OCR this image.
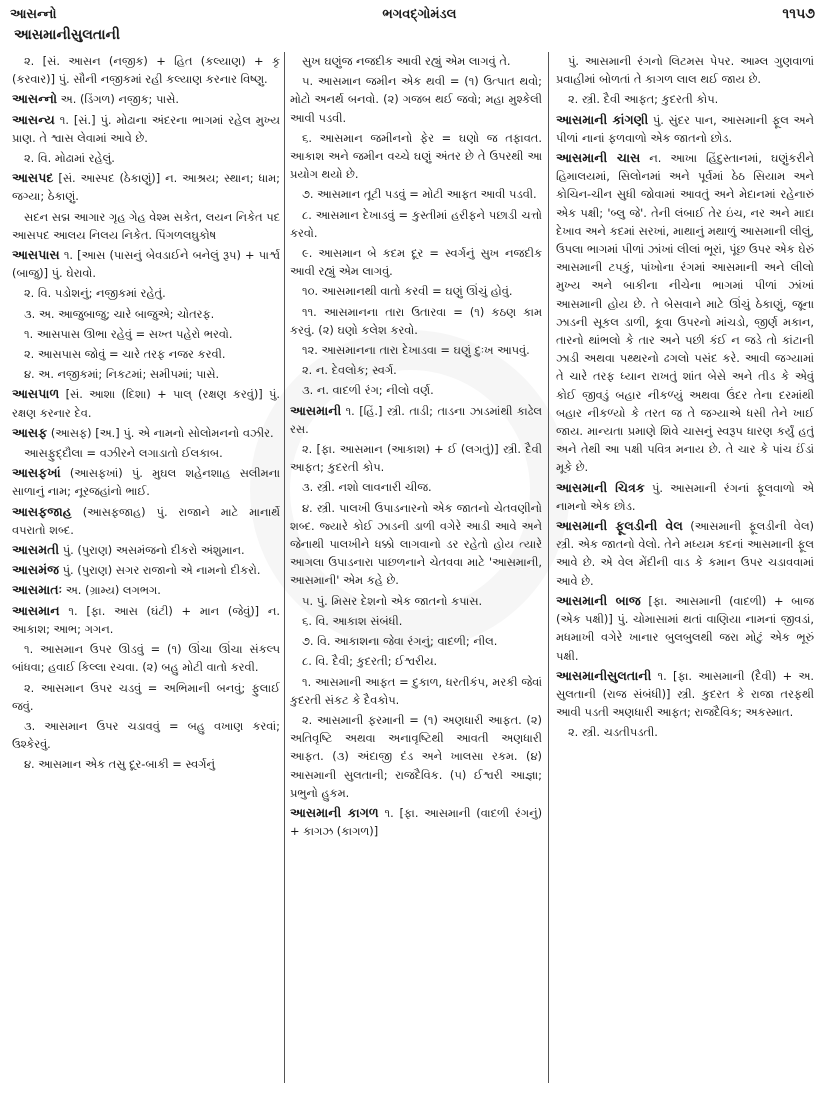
આસન્નો	ભગવદ્ગોમંડલ	૧૧૫૭
આસમાનીસુલતાની

૨. [સં. આસન (નજીક) + હિત (કલ્યાણ) + કૃ (કરવાર)] પું. સૌની નજીકમાં રહી કલ્યાણ કરનાર વિષ્ણુ.

આસન્નો અ. (ડિંગળ) નજીક; પાસે.

આસન્ય ૧. [સં.] પું. મોઢાના અંદરના ભાગમાં રહેલ મુખ્ય પ્રાણ. તે શ્વાસ લેવામાં આવે છે.

૨. વિ. મોઢામાં રહેલું.

આસપદ [સં. આસ્પદ (ઠેકાણું)] ન. આશ્રય; સ્થાન; ધામ; જગ્યા; ઠેકાણું.

સદન સદ્મ આગાર ગૃહ ગેહ વેશ્મ સકેત, લયન નિકેત પદ આસપદ આલય નિલય નિકેત. પિંગળલઘુકોષ

આસપાસ ૧. [આસ (પાસનું બેવડાઈને બનેલું રૂપ) + પાર્શ્વ (બાજુ)] પું. ઘેરાવો.

૨. વિ. પડોશનું; નજીકમાં રહેતું.

૩. અ. આજુબાજુ; ચારે બાજુએ; ચોતરફ.

૧. આસપાસ ઊભા રહેવું = સખ્ત પહેરો ભરવો.

૨. આસપાસ જોવું = ચારે તરફ નજર કરવી.

૪. અ. નજીકમાં; નિકટમાં; સમીપમાં; પાસે.

આસપાળ [સં. આશા (દિશા) + પાલ્ (રક્ષણ કરવું)] પું. રક્ષણ કરનાર દેવ.

આસફ (આસફ) [અ.] પું. એ નામનો સોલોમનનો વઝીર.

આસફુદ્દૌલા = વઝીરને લગાડાતો ઈલકાબ.

આસફખાં (આસફખાં) પું. મુઘલ શહેનશાહ સલીમના સાળાનું નામ; નૂરજહાંનો ભાઈ.

આસફજાહ (આસફજાહ) પું. રાજાને માટે માનાર્થે વપરાતો શબ્દ.

આસમતી પું. (પુરાણ) અસમંજનો દીકરો અંશુમાન.

આસમંજ પું. (પુરાણ) સગર રાજાનો એ નામનો દીકરો.

આસમાતઃ અ. (ગ્રામ્ય) લગભગ.

આસમાન ૧. [ફા. આસ (ઘંટી) + માન (જેવું)] ન. આકાશ; આભ; ગગન.

૧. આસમાન ઉપર ઊડવું = (૧) ઊંચા ઊંચા સંકલ્પ બાંધવા; હવાઈ કિલ્લા રચવા. (૨) બહુ મોટી વાતો કરવી.

૨. આસમાન ઉપર ચડવું = અભિમાની બનવું; ફુલાઈ જવું.

૩. આસમાન ઉપર ચડાવવું = બહુ વખાણ કરવાં; ઉશ્કેરવું.

૪. આસમાન એક તસુ દૂર-બાકી = સ્વર્ગનું

સુખ ઘણુંજ નજદીક આવી રહ્યું એમ લાગવું તે.

૫. આસમાન જમીન એક થવી = (૧) ઉત્પાત થવો; મોટો અનર્થ બનવો. (૨) ગજબ થઈ જવો; મહા મુશ્કેલી આવી પડવી.

૬. આસમાન જમીનનો ફેર = ઘણો જ તફાવત. આકાશ અને જમીન વચ્ચે ઘણું અંતર છે તે ઉપરથી આ પ્રયોગ થયો છે.

૭. આસમાન તૂટી પડવું = મોટી આફત આવી પડવી.

૮. આસમાન દેખાડવું = કુસ્તીમાં હરીફને પછાડી ચત્તો કરવો.

૯. આસમાન બે કદમ દૂર = સ્વર્ગનું સુખ નજદીક આવી રહ્યું એમ લાગવું.

૧૦. આસમાનથી વાતો કરવી = ઘણું ઊંચું હોવું.

૧૧. આસમાનના તારા ઉતારવા = (૧) કઠણ કામ કરવું. (૨) ઘણો કલેશ કરવો.

૧૨. આસમાનના તારા દેખાડવા = ઘણું દુઃખ આપવું.

૨. ન. દેવલોક; સ્વર્ગ.

૩. ન. વાદળી રંગ; નીલો વર્ણ.

આસમાની ૧. [હિં.] સ્ત્રી. તાડી; તાડના ઝાડમાંથી કાઢેલ રસ.

૨. [ફા. આસમાન (આકાશ) + ઈ (લગતું)] સ્ત્રી. દૈવી આફત; કુદરતી કોપ.

૩. સ્ત્રી. નશો લાવનારી ચીજ.

૪. સ્ત્રી. પાલખી ઉપાડનારનો એક જાતનો ચેતવણીનો શબ્દ. જ્યારે કોઈ ઝાડની ડાળી વગેરે આડી આવે અને જેનાથી પાલખીને ધક્કો લાગવાનો ડર રહેતો હોય ત્યારે આગલા ઉપાડનારા પાછળનાને ચેતવવા માટે 'આસમાની, આસમાની' એમ કહે છે.

૫. પું. મિસર દેશનો એક જાતનો કપાસ.

૬. વિ. આકાશ સંબંધી.

૭. વિ. આકાશના જેવા રંગનું; વાદળી; નીલ.

૮. વિ. દૈવી; કુદરતી; ઈશ્વરીય.

૧. આસમાની આફત = દુકાળ, ધરતીકંપ, મરકી જેવાં કુદરતી સંકટ કે દૈવકોપ.

૨. આસમાની ફરમાની = (૧) અણધારી આફત. (૨) અતિવૃષ્ટિ અથવા અનાવૃષ્ટિથી આવતી અણધારી આફત. (૩) અંદાજી દંડ અને ખાલસા રકમ. (૪) આસમાની સુલતાની; રાજદૈવિક. (૫) ઈશ્વરી આજ્ઞા; પ્રભુનો હુકમ.

આસમાની કાગળ ૧. [ફા. આસમાની (વાદળી રંગનું) + કાગઝ (કાગળ)]

પું. આસમાની રંગનો લિટમસ પેપર. આમ્લ ગુણવાળાં પ્રવાહીમાં બોળતાં તે કાગળ લાલ થઈ જાય છે.

૨. સ્ત્રી. દૈવી આફત; કુદરતી કોપ.

આસમાની કાંગણી પું. સુંદર પાન, આસમાની ફૂલ અને પીળાં નાનાં ફળવાળો એક જાતનો છોડ.

આસમાની ચાસ ન. આખા હિંદુસ્તાનમાં, ઘણુંકરીને હિમાલયમાં, સિલોનમાં અને પૂર્વમાં ઠેઠ સિયામ અને કોચિન-ચીન સુધી જોવામાં આવતું અને મેદાનમાં રહેનારું એક પક્ષી; 'બ્લુ જે'. તેની લંબાઈ તેર ઇંચ, નર અને માદા દેખાવ અને કદમાં સરખાં, માથાનું મથાળું આસમાની લીલું, ઉપલા ભાગમાં પીળાં ઝાંખાં લીલાં ભૂરાં, પૂંછ ઉપર એક ઘેરું આસમાની ટપકું, પાંખોના રંગમાં આસમાની અને લીલો મુખ્ય અને બાકીના નીચેના ભાગમાં પીળાં ઝાંખાં આસમાની હોય છે. તે બેસવાને માટે ઊંચું ઠેકાણું, જૂના ઝાડની સૂકલ ડાળી, કૂવા ઉપરનો માંચડો, જીર્ણ મકાન, તારનો થાંભલો કે તાર અને પછી કંઈ ન જડે તો કાંટાની ઝાડી અથવા પથ્થરનો ઢગલો પસંદ કરે. આવી જગ્યામાં તે ચારે તરફ ધ્યાન રાખતું શાંત બેસે અને તીડ કે એવું કોઈ જીવડું બહાર નીકળ્યું અથવા ઉંદર તેના દરમાંથી બહાર નીકળ્યો કે તરત જ તે જગ્યાએ ધસી તેને ખાઈ જાય. માન્યતા પ્રમાણે શિવે ચાસનું સ્વરૂપ ધારણ કર્યું હતું અને તેથી આ પક્ષી પવિત્ર મનાય છે. તે ચાર કે પાંચ ઈંડાં મૂકે છે.

આસમાની ચિત્રક પું. આસમાની રંગનાં ફૂલવાળો એ નામનો એક છોડ.

આસમાની ફૂલડીની વેલ (આસમાની ફૂલડીની વેલ) સ્ત્રી. એક જાતનો વેલો. તેને મધ્યમ કદનાં આસમાની ફૂલ આવે છે. એ વેલ મેંદીની વાડ કે કમાન ઉપર ચડાવવામાં આવે છે.

આસમાની બાજ [ફા. આસમાની (વાદળી) + બાજ (એક પક્ષી)] પું. ચોમાસામાં થતાં વાણિયા નામનાં જીવડાં, મધમાખી વગેરે ખાનાર બુલબુલથી જરા મોટું એક ભૂરું પક્ષી.

આસમાનીસુલતાની ૧. [ફા. આસમાની (દૈવી) + અ. સુલતાની (રાજ સંબંધી)] સ્ત્રી. કુદરત કે રાજા તરફથી આવી પડતી અણધારી આફત; રાજદૈવિક; અકસ્માત.

૨. સ્ત્રી. ચડતીપડતી.
